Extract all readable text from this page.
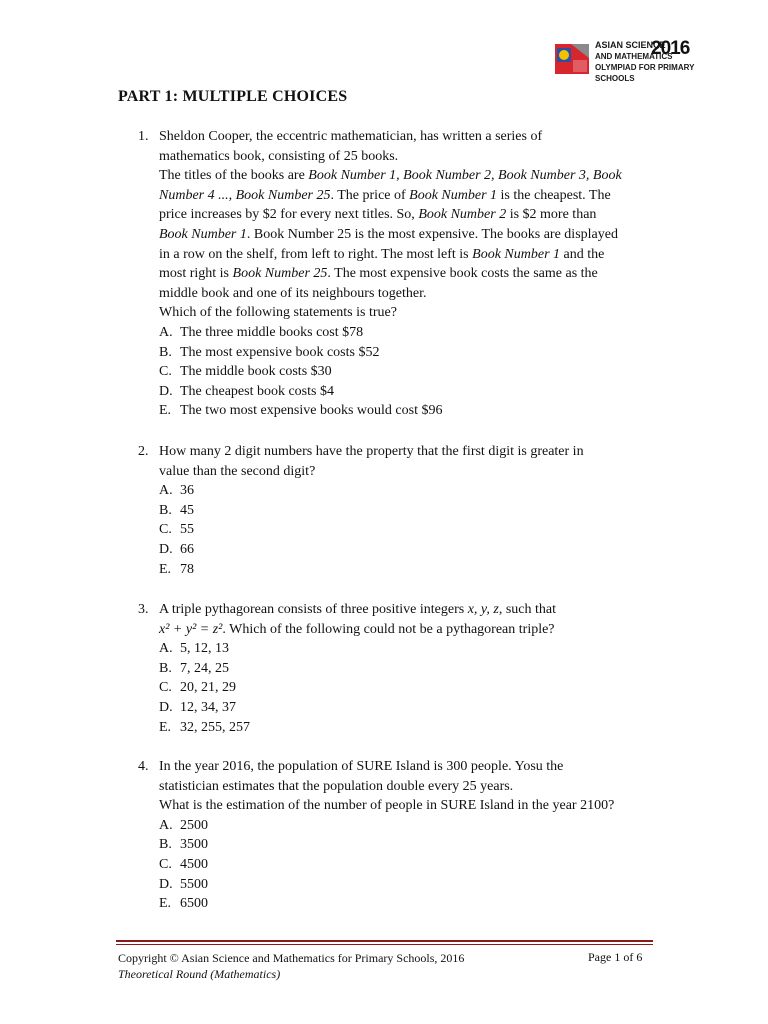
ASIAN SCIENCE
AND MATHEMATICS
OLYMPIAD FOR PRIMARY SCHOOLS
2016
PART 1: MULTIPLE CHOICES
1. Sheldon Cooper, the eccentric mathematician, has written a series of
mathematics book, consisting of 25 books.
The titles of the books are Book Number 1, Book Number 2, Book Number 3, Book
Number 4 ..., Book Number 25. The price of Book Number 1 is the cheapest. The
price increases by $2 for every next titles. So, Book Number 2 is $2 more than
Book Number 1. Book Number 25 is the most expensive. The books are displayed
in a row on the shelf, from left to right. The most left is Book Number 1 and the
most right is Book Number 25. The most expensive book costs the same as the
middle book and one of its neighbours together.
Which of the following statements is true?
A. The three middle books cost $78
B. The most expensive book costs $52
C. The middle book costs $30
D. The cheapest book costs $4
E. The two most expensive books would cost $96
2. How many 2 digit numbers have the property that the first digit is greater in
value than the second digit?
A. 36
B. 45
C. 55
D. 66
E. 78
3. A triple pythagorean consists of three positive integers x, y, z, such that
x² + y² = z². Which of the following could not be a pythagorean triple?
A. 5, 12, 13
B. 7, 24, 25
C. 20, 21, 29
D. 12, 34, 37
E. 32, 255, 257
4. In the year 2016, the population of SURE Island is 300 people. Yosu the
statistician estimates that the population double every 25 years.
What is the estimation of the number of people in SURE Island in the year 2100?
A. 2500
B. 3500
C. 4500
D. 5500
E. 6500
Copyright © Asian Science and Mathematics for Primary Schools, 2016
Theoretical Round (Mathematics)
Page 1 of 6
